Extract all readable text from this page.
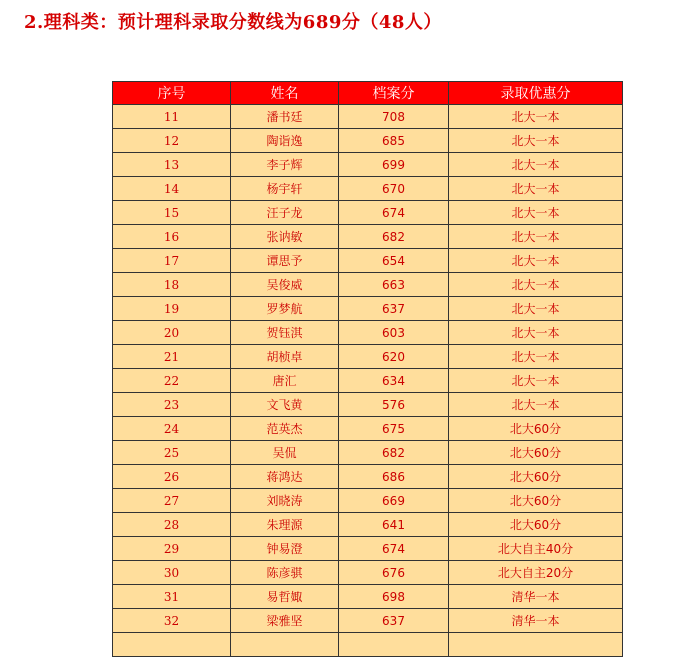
2.理科类：预计理科录取分数线为689分（48人）
序号	姓名	档案分	录取优惠分
11	潘书廷	708	北大一本
12	陶诣逸	685	北大一本
13	李子辉	699	北大一本
14	杨宇轩	670	北大一本
15	汪子龙	674	北大一本
16	张讷敏	682	北大一本
17	谭思予	654	北大一本
18	吴俊威	663	北大一本
19	罗梦航	637	北大一本
20	贺钰淇	603	北大一本
21	胡桢卓	620	北大一本
22	唐汇	634	北大一本
23	文飞黄	576	北大一本
24	范英杰	675	北大60分
25	吴侃	682	北大60分
26	蒋鸿达	686	北大60分
27	刘晓涛	669	北大60分
28	朱理源	641	北大60分
29	钟易澄	674	北大自主40分
30	陈彦骐	676	北大自主20分
31	易哲娵	698	清华一本
32	梁雅坚	637	清华一本
